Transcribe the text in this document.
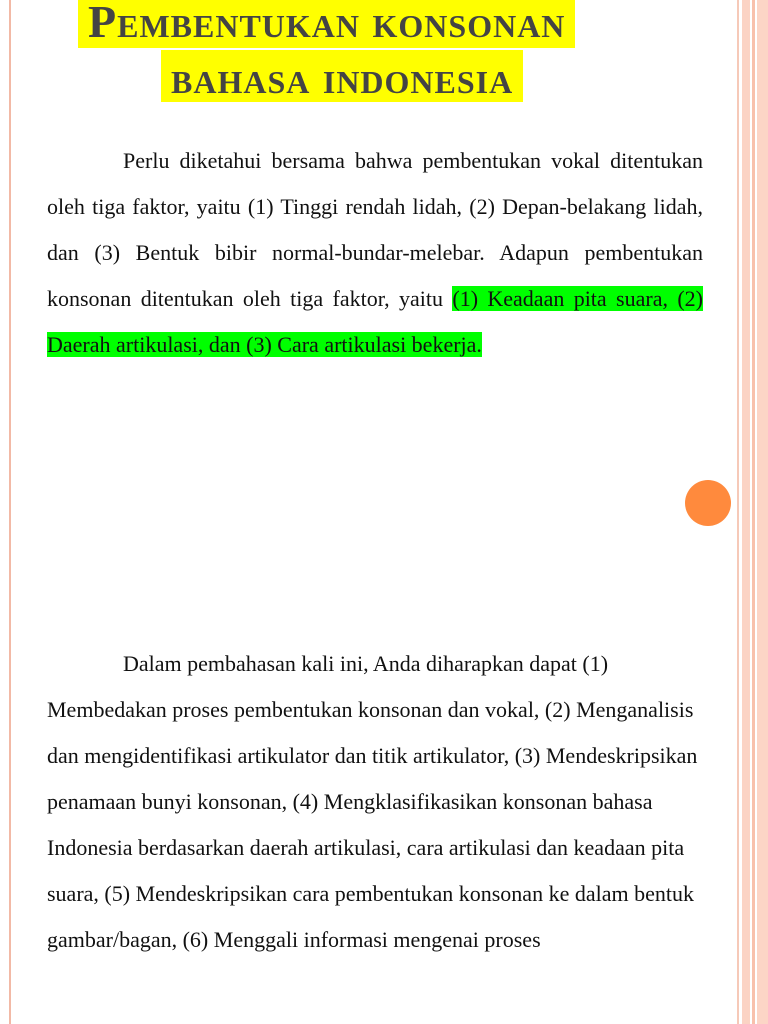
Pembentukan konsonan
bahasa indonesia

Perlu diketahui bersama bahwa pembentukan vokal ditentukan oleh tiga faktor, yaitu (1) Tinggi rendah lidah, (2) Depan-belakang lidah, dan (3) Bentuk bibir normal-bundar-melebar. Adapun pembentukan konsonan ditentukan oleh tiga faktor, yaitu (1) Keadaan pita suara, (2) Daerah artikulasi, dan (3) Cara artikulasi bekerja.

Dalam pembahasan kali ini, Anda diharapkan dapat (1) Membedakan proses pembentukan konsonan dan vokal, (2) Menganalisis dan mengidentifikasi artikulator dan titik artikulator, (3) Mendeskripsikan penamaan bunyi konsonan, (4) Mengklasifikasikan konsonan bahasa Indonesia berdasarkan daerah artikulasi, cara artikulasi dan keadaan pita suara, (5) Mendeskripsikan cara pembentukan konsonan ke dalam bentuk gambar/bagan, (6) Menggali informasi mengenai proses
